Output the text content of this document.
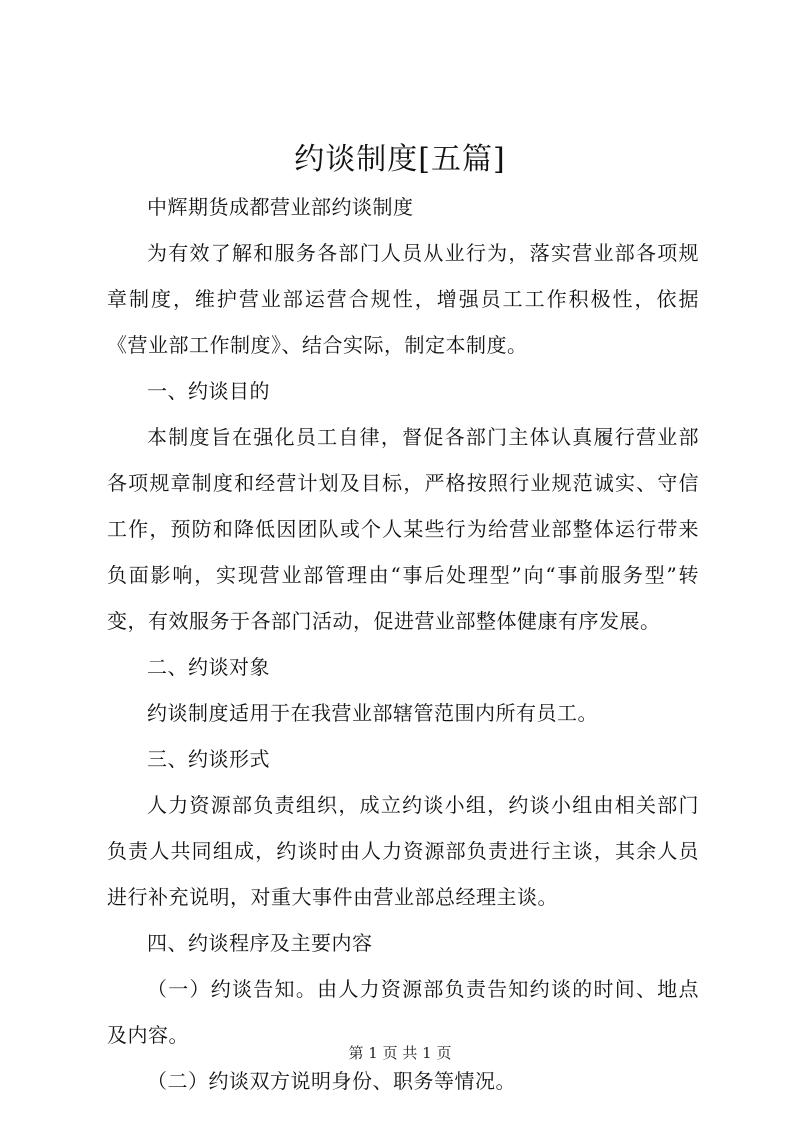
约谈制度[五篇]

中辉期货成都营业部约谈制度

为有效了解和服务各部门人员从业行为，落实营业部各项规章制度，维护营业部运营合规性，增强员工工作积极性，依据《营业部工作制度》、结合实际，制定本制度。

一、约谈目的

本制度旨在强化员工自律，督促各部门主体认真履行营业部各项规章制度和经营计划及目标，严格按照行业规范诚实、守信工作，预防和降低因团队或个人某些行为给营业部整体运行带来负面影响，实现营业部管理由“事后处理型”向“事前服务型”转变，有效服务于各部门活动，促进营业部整体健康有序发展。

二、约谈对象

约谈制度适用于在我营业部辖管范围内所有员工。

三、约谈形式

人力资源部负责组织，成立约谈小组，约谈小组由相关部门负责人共同组成，约谈时由人力资源部负责进行主谈，其余人员进行补充说明，对重大事件由营业部总经理主谈。

四、约谈程序及主要内容

（一）约谈告知。由人力资源部负责告知约谈的时间、地点及内容。

（二）约谈双方说明身份、职务等情况。

第 1 页 共 1 页
